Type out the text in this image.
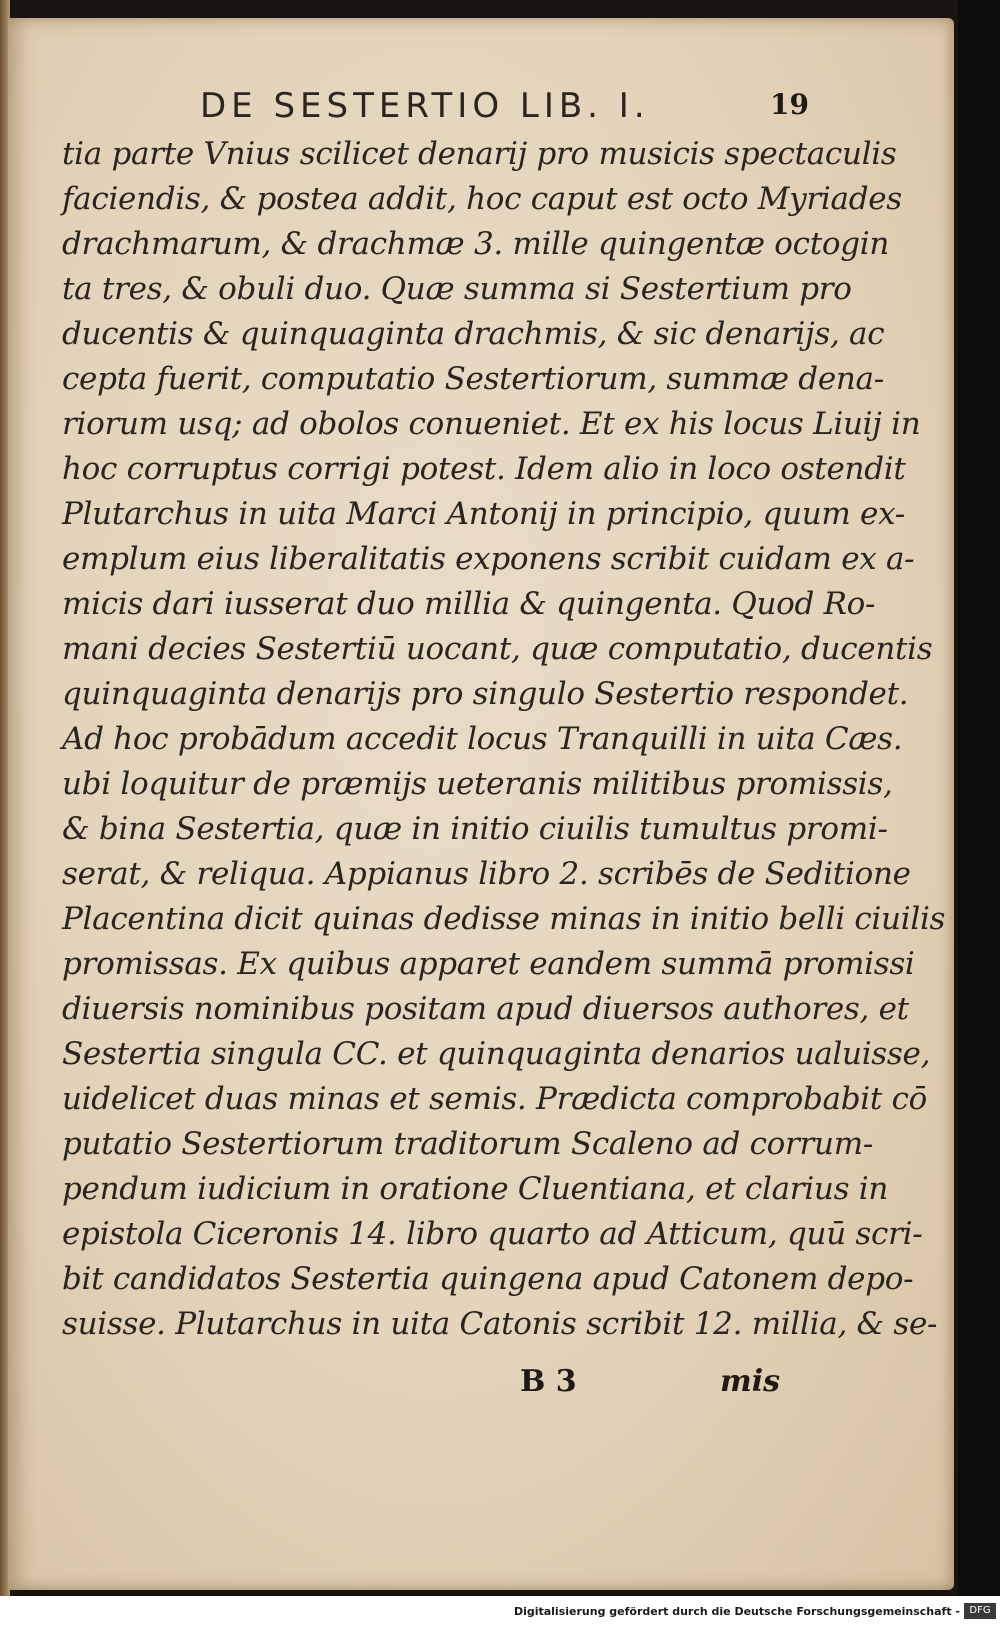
DE SESTERTIO LIB. I.	19
tia parte Vnius scilicet denarij pro musicis spectaculis
faciendis, & postea addit, hoc caput est octo Myriades
drachmarum, & drachmæ 3. mille quingentæ octogin
ta tres, & obuli duo. Quæ summa si Sestertium pro
ducentis & quinquaginta drachmis, & sic denarijs, ac
cepta fuerit, computatio Sestertiorum, summæ dena-
riorum usq; ad obolos conueniet. Et ex his locus Liuij in
hoc corruptus corrigi potest. Idem alio in loco ostendit
Plutarchus in uita Marci Antonij in principio, quum ex-
emplum eius liberalitatis exponens scribit cuidam ex a-
micis dari iusserat duo millia & quingenta. Quod Ro-
mani decies Sestertiū uocant, quæ computatio, ducentis
quinquaginta denarijs pro singulo Sestertio respondet.
Ad hoc probādum accedit locus Tranquilli in uita Cæs.
ubi loquitur de præmijs ueteranis militibus promissis,
& bina Sestertia, quæ in initio ciuilis tumultus promi-
serat, & reliqua. Appianus libro 2. scribēs de Seditione
Placentina dicit quinas dedisse minas in initio belli ciuilis
promissas. Ex quibus apparet eandem summā promissi
diuersis nominibus positam apud diuersos authores, et
Sestertia singula CC. et quinquaginta denarios ualuisse,
uidelicet duas minas et semis. Prædicta comprobabit cō
putatio Sestertiorum traditorum Scaleno ad corrum-
pendum iudicium in oratione Cluentiana, et clarius in
epistola Ciceronis 14. libro quarto ad Atticum, quū scri-
bit candidatos Sestertia quingena apud Catonem depo-
suisse. Plutarchus in uita Catonis scribit 12. millia, & se-
B 3	mis
Digitalisierung gefördert durch die Deutsche Forschungsgemeinschaft - DFG
